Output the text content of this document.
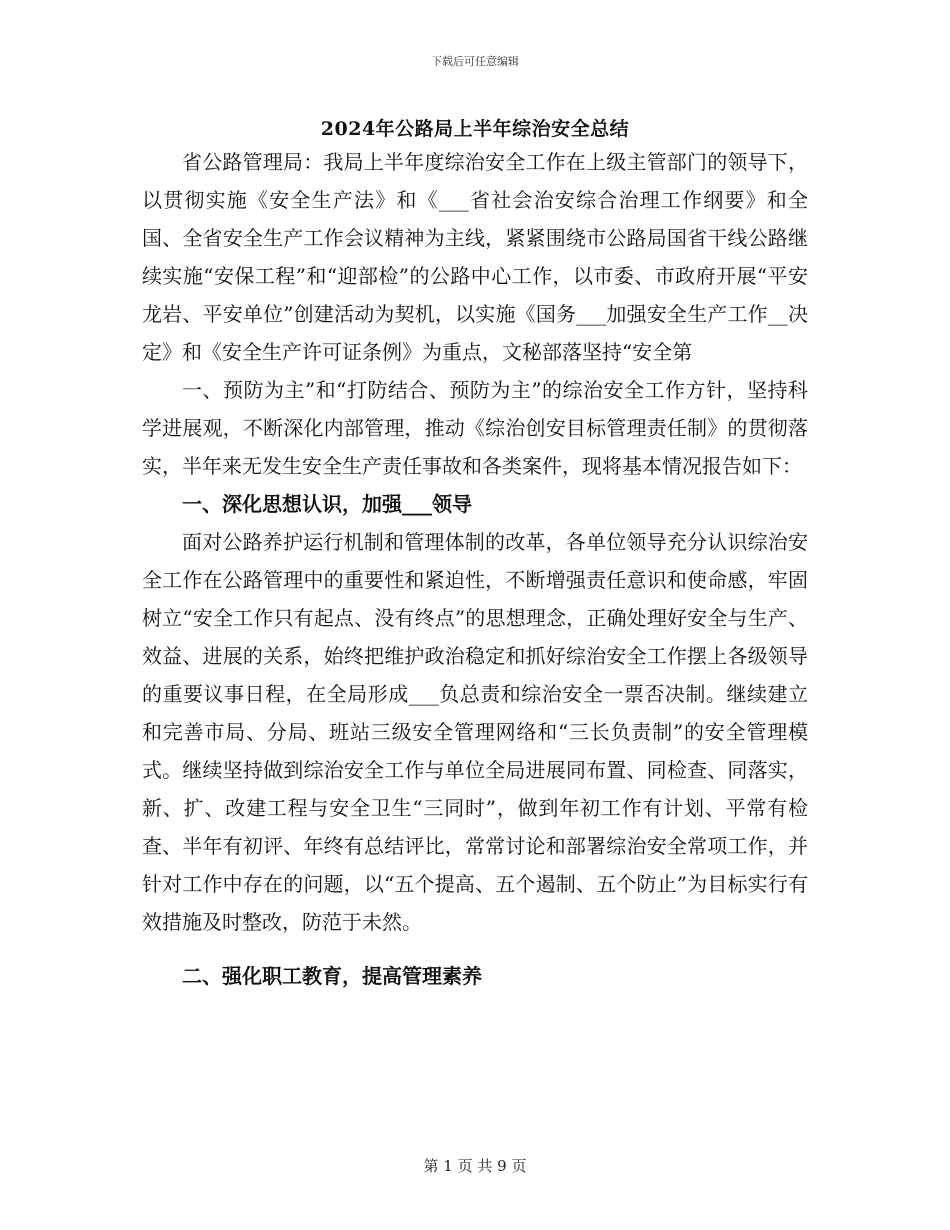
下载后可任意编辑
2024年公路局上半年综治安全总结

省公路管理局：我局上半年度综治安全工作在上级主管部门的领导下，以贯彻实施《安全生产法》和《___省社会治安综合治理工作纲要》和全国、全省安全生产工作会议精神为主线，紧紧围绕市公路局国省干线公路继续实施“安保工程”和“迎部检”的公路中心工作，以市委、市政府开展“平安龙岩、平安单位”创建活动为契机，以实施《国务___加强安全生产工作__决定》和《安全生产许可证条例》为重点，文秘部落坚持“安全第

一、预防为主”和“打防结合、预防为主”的综治安全工作方针，坚持科学进展观，不断深化内部管理，推动《综治创安目标管理责任制》的贯彻落实，半年来无发生安全生产责任事故和各类案件，现将基本情况报告如下：

一、深化思想认识，加强___领导

面对公路养护运行机制和管理体制的改革，各单位领导充分认识综治安全工作在公路管理中的重要性和紧迫性，不断增强责任意识和使命感，牢固树立“安全工作只有起点、没有终点”的思想理念，正确处理好安全与生产、效益、进展的关系，始终把维护政治稳定和抓好综治安全工作摆上各级领导的重要议事日程，在全局形成___负总责和综治安全一票否决制。继续建立和完善市局、分局、班站三级安全管理网络和“三长负责制”的安全管理模式。继续坚持做到综治安全工作与单位全局进展同布置、同检查、同落实，新、扩、改建工程与安全卫生“三同时”，做到年初工作有计划、平常有检查、半年有初评、年终有总结评比，常常讨论和部署综治安全常项工作，并针对工作中存在的问题，以“五个提高、五个遏制、五个防止”为目标实行有效措施及时整改，防范于未然。

二、强化职工教育，提高管理素养

第 1 页 共 9 页
